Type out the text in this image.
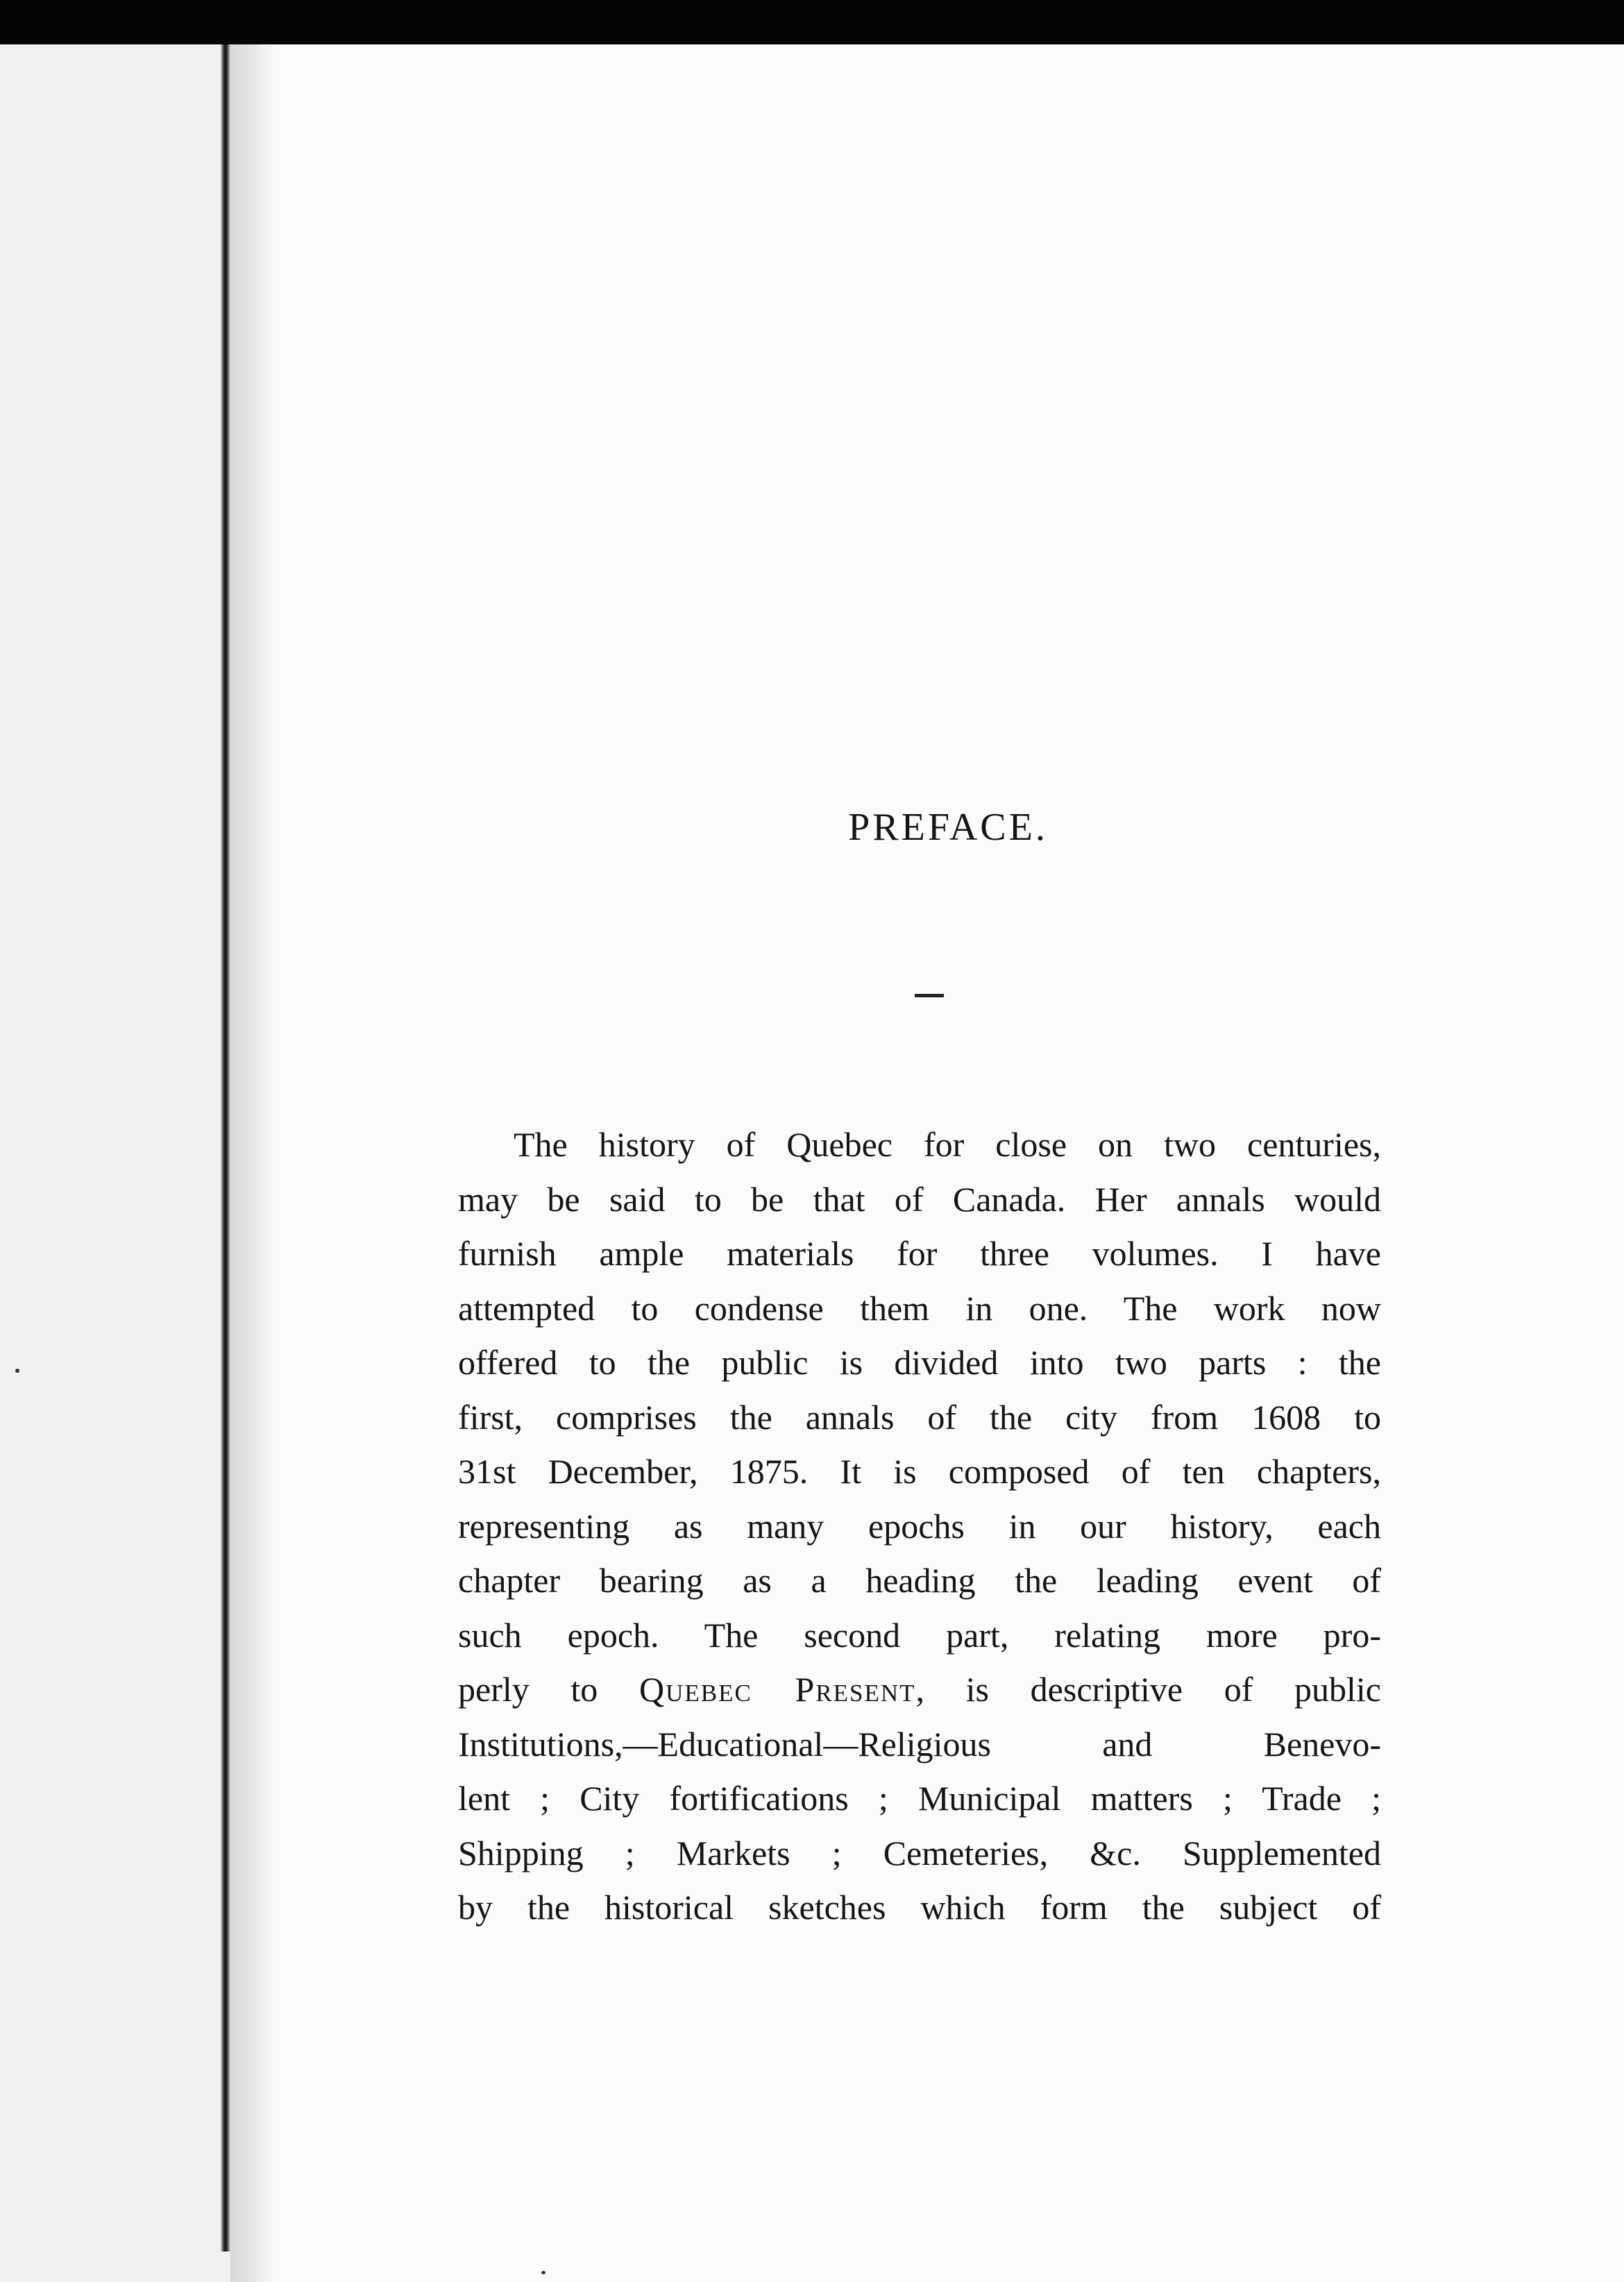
PREFACE.
The history of Quebec for close on two centuries,
may be said to be that of Canada. Her annals would
furnish ample materials for three volumes. I have
attempted to condense them in one. The work now
offered to the public is divided into two parts : the
first, comprises the annals of the city from 1608 to
31st December, 1875. It is composed of ten chapters,
representing as many epochs in our history, each
chapter bearing as a heading the leading event of
such epoch. The second part, relating more pro-
perly to Quebec Present, is descriptive of public
Institutions,—Educational—Religious and Benevo-
lent ; City fortifications ; Municipal matters ; Trade ;
Shipping ; Markets ; Cemeteries, &c. Supplemented
by the historical sketches which form the subject of
